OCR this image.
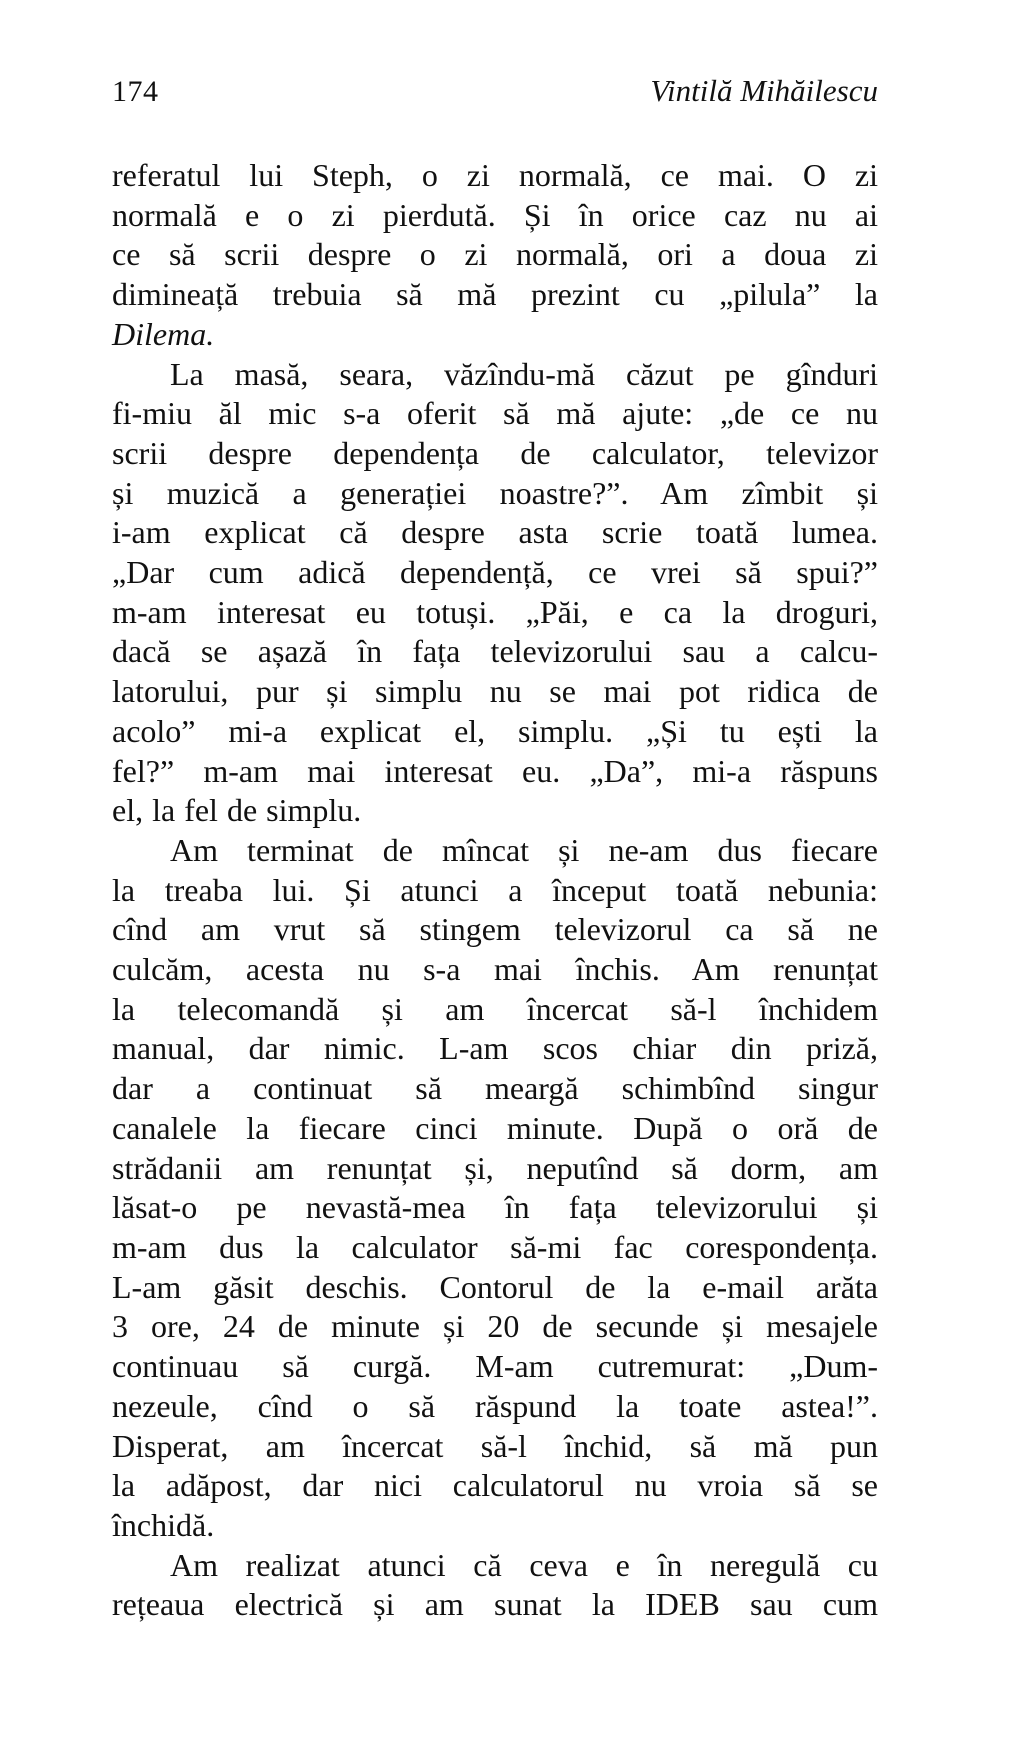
174	Vintilă Mihăilescu
referatul lui Steph, o zi normală, ce mai. O zi
normală e o zi pierdută. Și în orice caz nu ai
ce să scrii despre o zi normală, ori a doua zi
dimineață trebuia să mă prezint cu „pilula” la
Dilema.
La masă, seara, văzîndu-mă căzut pe gînduri
fi-miu ăl mic s-a oferit să mă ajute: „de ce nu
scrii despre dependența de calculator, televizor
și muzică a generației noastre?”. Am zîmbit și
i-am explicat că despre asta scrie toată lumea.
„Dar cum adică dependență, ce vrei să spui?”
m-am interesat eu totuși. „Păi, e ca la droguri,
dacă se așază în fața televizorului sau a calcu-
latorului, pur și simplu nu se mai pot ridica de
acolo” mi-a explicat el, simplu. „Și tu ești la
fel?” m-am mai interesat eu. „Da”, mi-a răspuns
el, la fel de simplu.
Am terminat de mîncat și ne-am dus fiecare
la treaba lui. Și atunci a început toată nebunia:
cînd am vrut să stingem televizorul ca să ne
culcăm, acesta nu s-a mai închis. Am renunțat
la telecomandă și am încercat să-l închidem
manual, dar nimic. L-am scos chiar din priză,
dar a continuat să meargă schimbînd singur
canalele la fiecare cinci minute. După o oră de
strădanii am renunțat și, neputînd să dorm, am
lăsat-o pe nevastă-mea în fața televizorului și
m-am dus la calculator să-mi fac corespondența.
L-am găsit deschis. Contorul de la e-mail arăta
3 ore, 24 de minute și 20 de secunde și mesajele
continuau să curgă. M-am cutremurat: „Dum-
nezeule, cînd o să răspund la toate astea!”.
Disperat, am încercat să-l închid, să mă pun
la adăpost, dar nici calculatorul nu vroia să se
închidă.
Am realizat atunci că ceva e în neregulă cu
rețeaua electrică și am sunat la IDEB sau cum
